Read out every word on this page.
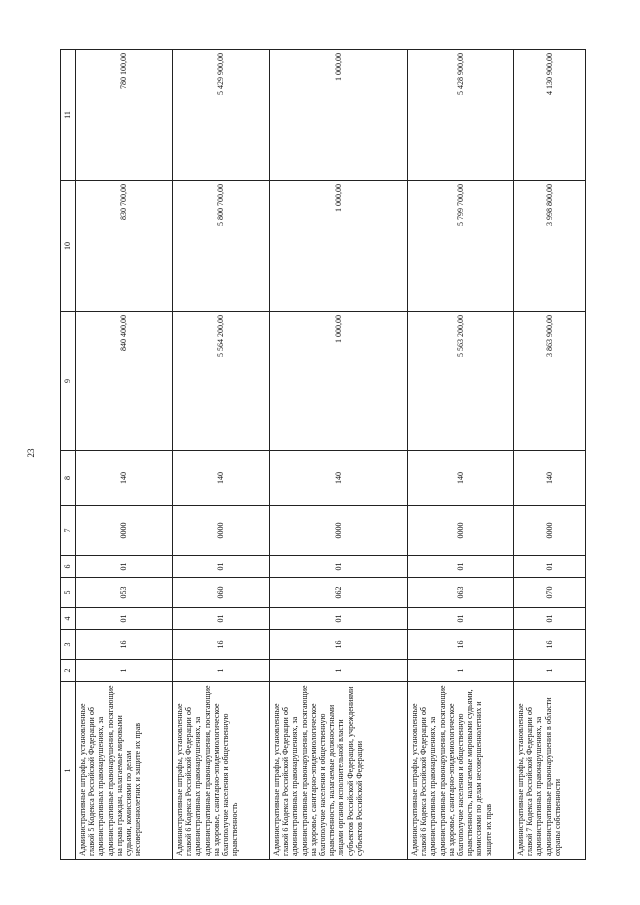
23
1	2	3	4	5	6	7	8	9	10	11
Административные штрафы, установленные главой 5 Кодекса Российской Федерации об административных правонарушениях, за административные правонарушения, посягающие на права граждан, налагаемые мировыми судьями, комиссиями по делам несовершеннолетних и защите их прав	1	16	01	053	01	0000	140	840 400,00	830 700,00	780 100,00
Административные штрафы, установленные главой 6 Кодекса Российской Федерации об административных правонарушениях, за административные правонарушения, посягающие на здоровье, санитарно-эпидемиологическое благополучие населения и общественную нравственность	1	16	01	060	01	0000	140	5 564 200,00	5 800 700,00	5 429 900,00
Административные штрафы, установленные главой 6 Кодекса Российской Федерации об административных правонарушениях, за административные правонарушения, посягающие на здоровье, санитарно-эпидемиологическое благополучие населения и общественную нравственность, налагаемые должностными лицами органов исполнительной власти субъектов Российской Федерации, учреждениями субъектов Российской Федерации	1	16	01	062	01	0000	140	1 000,00	1 000,00	1 000,00
Административные штрафы, установленные главой 6 Кодекса Российской Федерации об административных правонарушениях, за административные правонарушения, посягающие на здоровье, санитарно-эпидемиологическое благополучие населения и общественную нравственность, налагаемые мировыми судьями, комиссиями по делам несовершеннолетних и защите их прав	1	16	01	063	01	0000	140	5 563 200,00	5 799 700,00	5 428 900,00
Административные штрафы, установленные главой 7 Кодекса Российской Федерации об административных правонарушениях, за административные правонарушения в области охраны собственности	1	16	01	070	01	0000	140	3 863 900,00	3 998 800,00	4 130 900,00
